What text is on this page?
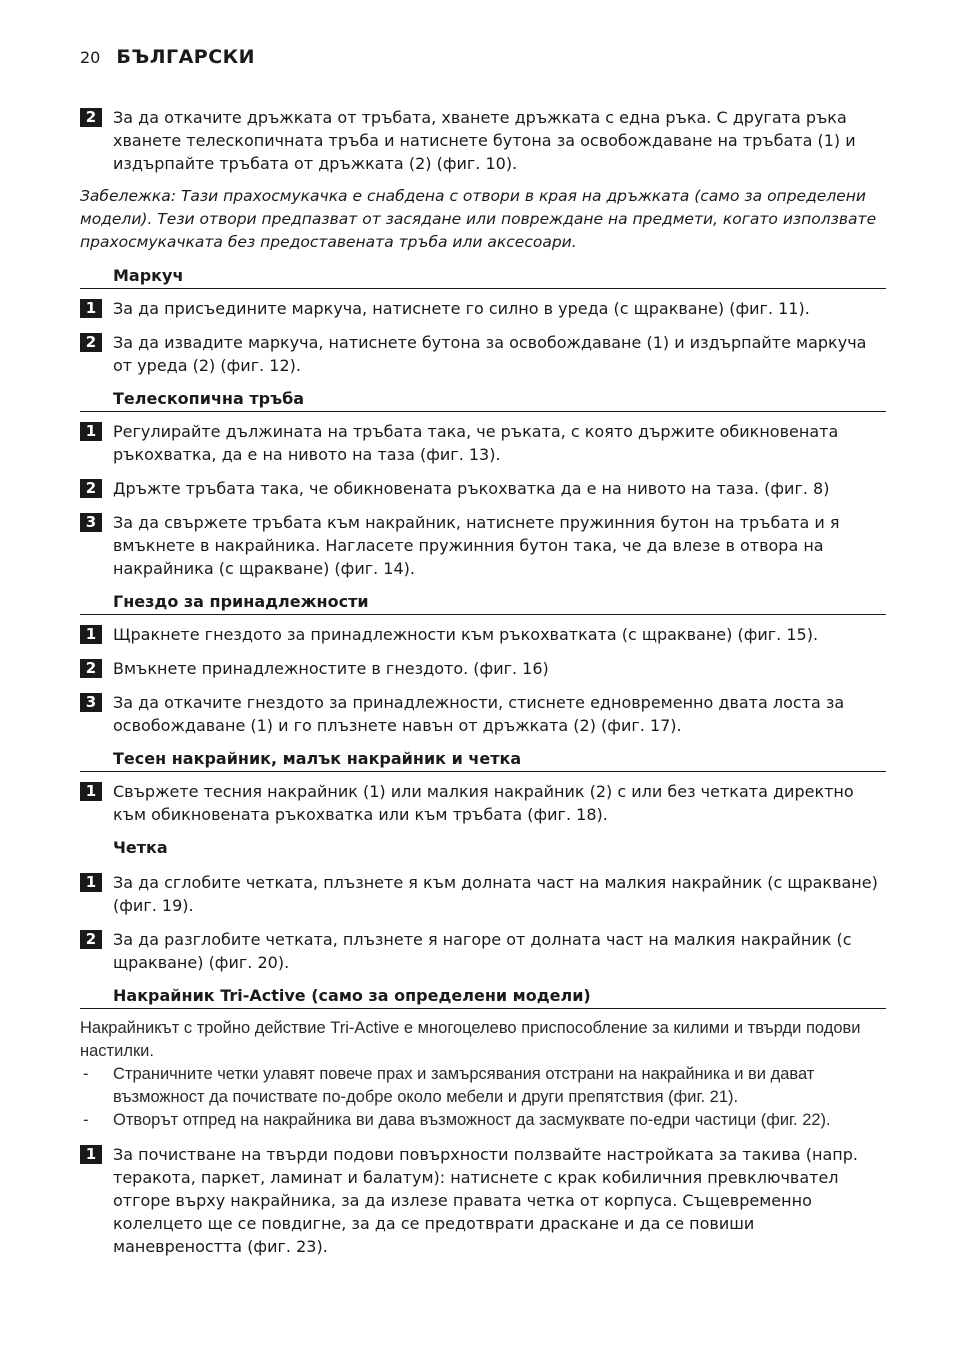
20 БЪЛГАРСКИ
2	За да откачите дръжката от тръбата, хванете дръжката с една ръка. С другата ръка хванете телескопичната тръба и натиснете бутона за освобождаване на тръбата (1) и издърпайте тръбата от дръжката (2) (фиг. 10).
Забележка: Тази прахосмукачка е снабдена с отвори в края на дръжката (само за определени модели). Тези отвори предпазват от засядане или повреждане на предмети, когато използвате прахосмукачката без предоставената тръба или аксесоари.
Маркуч
1	За да присъедините маркуча, натиснете го силно в уреда (с щракване) (фиг. 11).
2	За да извадите маркуча, натиснете бутона за освобождаване (1) и издърпайте маркуча от уреда (2) (фиг. 12).
Телескопична тръба
1	Регулирайте дължината на тръбата така, че ръката, с която държите обикновената ръкохватка, да е на нивото на таза (фиг. 13).
2	Дръжте тръбата така, че обикновената ръкохватка да е на нивото на таза. (фиг. 8)
3	За да свържете тръбата към накрайник, натиснете пружинния бутон на тръбата и я вмъкнете в накрайника. Нагласете пружинния бутон така, че да влезе в отвора на накрайника (с щракване) (фиг. 14).
Гнездо за принадлежности
1	Щракнете гнездото за принадлежности към ръкохватката (с щракване) (фиг. 15).
2	Вмъкнете принадлежностите в гнездото. (фиг. 16)
3	За да откачите гнездото за принадлежности, стиснете едновременно двата лоста за освобождаване (1) и го плъзнете навън от дръжката (2) (фиг. 17).
Тесен накрайник, малък накрайник и четка
1	Свържете тесния накрайник (1) или малкия накрайник (2) с или без четката директно към обикновената ръкохватка или към тръбата (фиг. 18).
Четка
1	За да сглобите четката, плъзнете я към долната част на малкия накрайник (с щракване) (фиг. 19).
2	За да разглобите четката, плъзнете я нагоре от долната част на малкия накрайник (с щракване) (фиг. 20).
Накрайник Tri-Active (само за определени модели)
Накрайникът с тройно действие Tri-Active е многоцелево приспособление за килими и твърди подови настилки.
- Страничните четки улавят повече прах и замърсявания отстрани на накрайника и ви дават възможност да почиствате по-добре около мебели и други препятствия (фиг. 21).
- Отворът отпред на накрайника ви дава възможност да засмуквате по-едри частици (фиг. 22).
1	За почистване на твърди подови повърхности ползвайте настройката за такива (напр. теракота, паркет, ламинат и балатум): натиснете с крак кобиличния превключвател отгоре върху накрайника, за да излезе правата четка от корпуса. Същевременно колелцето ще се повдигне, за да се предотврати драскане и да се повиши маневреността (фиг. 23).
